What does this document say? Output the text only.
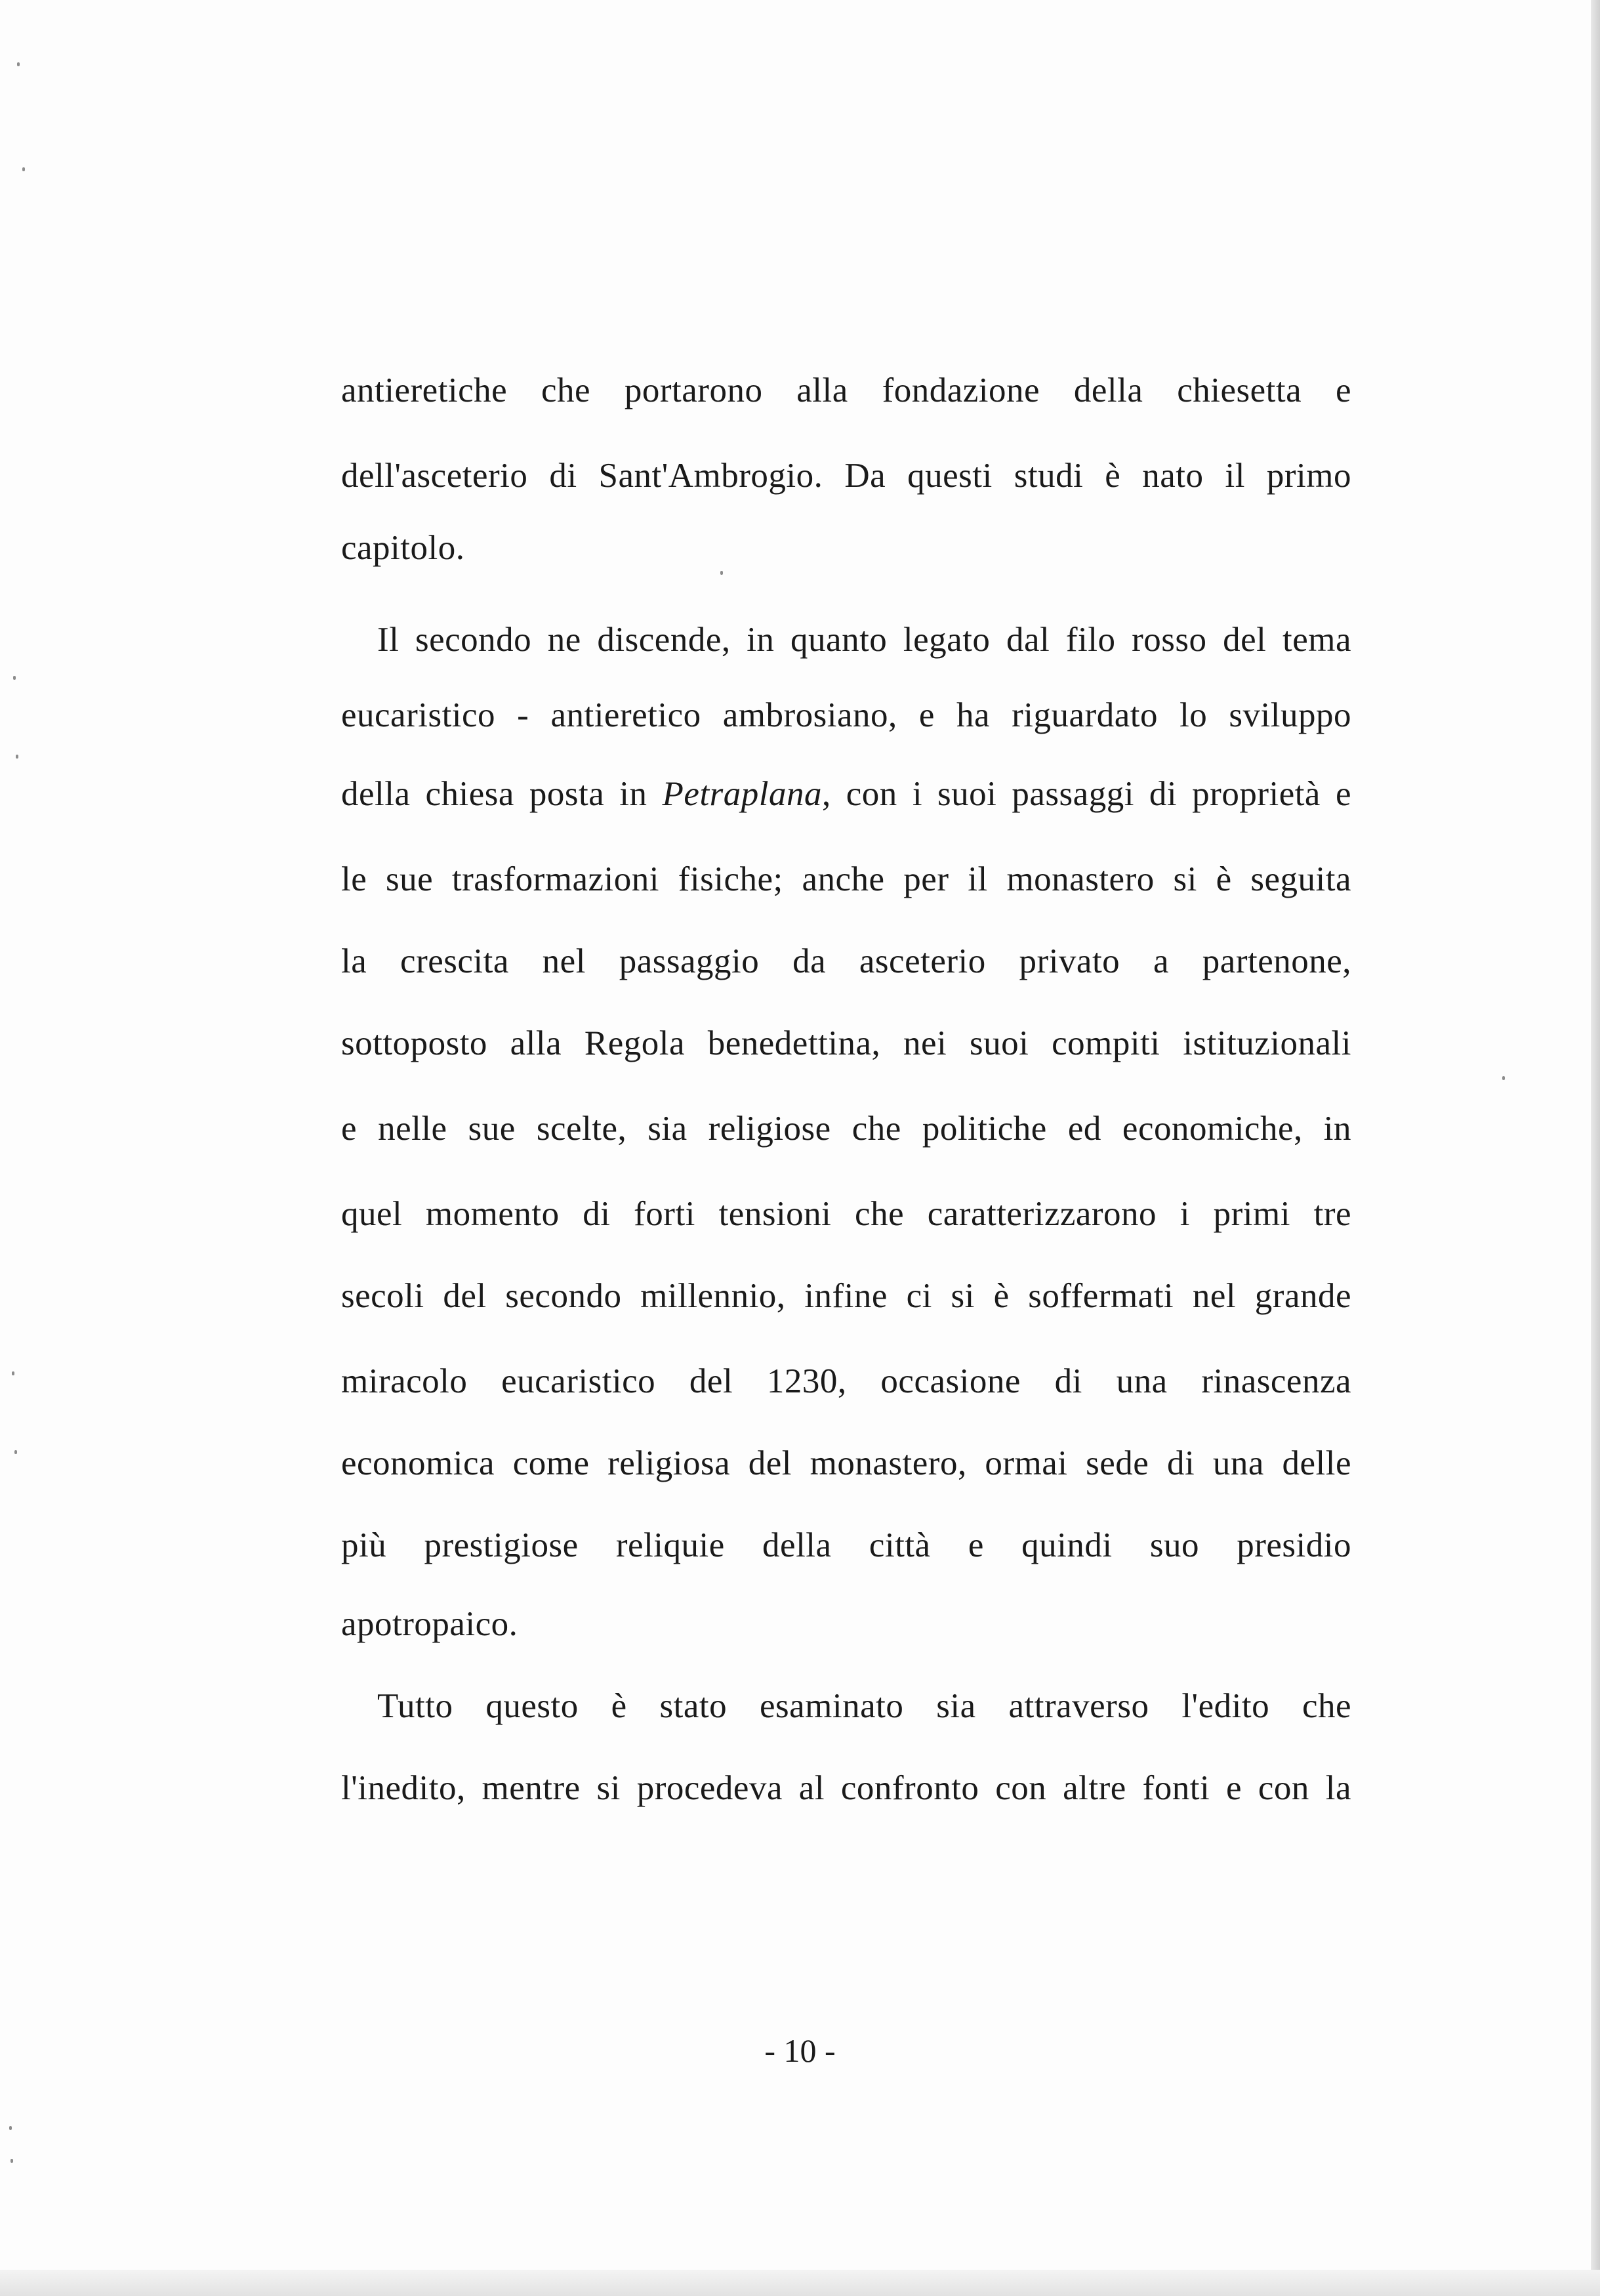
antieretiche che portarono alla fondazione della chiesetta e
dell'asceterio di Sant'Ambrogio. Da questi studi è nato il primo
capitolo.
Il secondo ne discende, in quanto legato dal filo rosso del tema
eucaristico - antieretico ambrosiano, e ha riguardato lo sviluppo
della chiesa posta in Petraplana, con i suoi passaggi di proprietà e
le sue trasformazioni fisiche; anche per il monastero si è seguita
la crescita nel passaggio da asceterio privato a partenone,
sottoposto alla Regola benedettina, nei suoi compiti istituzionali
e nelle sue scelte, sia religiose che politiche ed economiche, in
quel momento di forti tensioni che caratterizzarono i primi tre
secoli del secondo millennio, infine ci si è soffermati nel grande
miracolo eucaristico del 1230, occasione di una rinascenza
economica come religiosa del monastero, ormai sede di una delle
più prestigiose reliquie della città e quindi suo presidio
apotropaico.
Tutto questo è stato esaminato sia attraverso l'edito che
l'inedito, mentre si procedeva al confronto con altre fonti e con la
- 10 -
